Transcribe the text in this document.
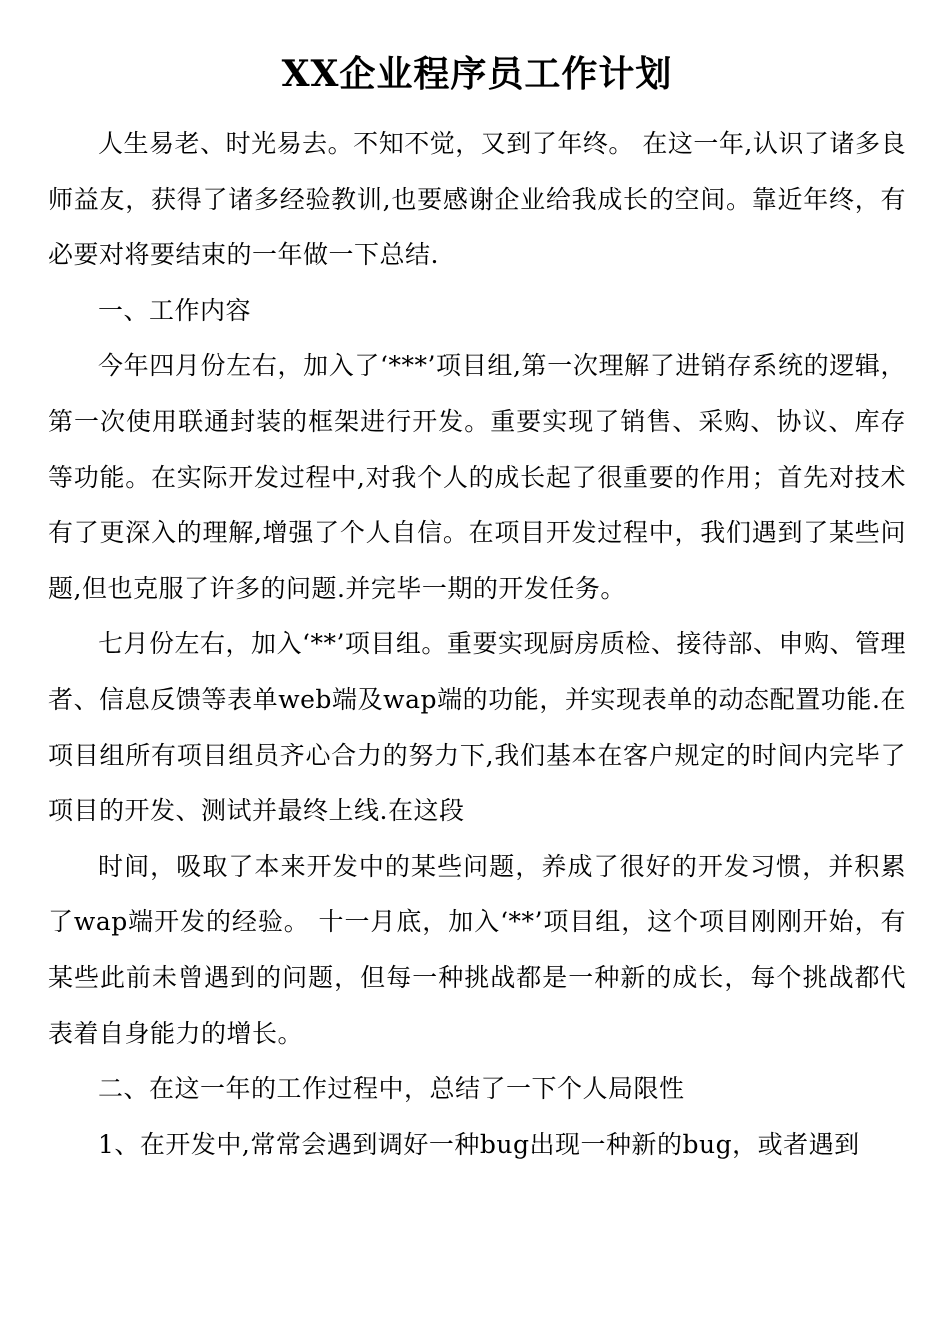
XX企业程序员工作计划

人生易老、时光易去。不知不觉，又到了年终。 在这一年,认识了诸多良师益友，获得了诸多经验教训,也要感谢企业给我成长的空间。靠近年终，有必要对将要结束的一年做一下总结.

一、工作内容

今年四月份左右，加入了‘***’项目组,第一次理解了进销存系统的逻辑，第一次使用联通封装的框架进行开发。重要实现了销售、采购、协议、库存等功能。在实际开发过程中,对我个人的成长起了很重要的作用；首先对技术有了更深入的理解,增强了个人自信。在项目开发过程中，我们遇到了某些问题,但也克服了许多的问题.并完毕一期的开发任务。

七月份左右，加入‘**’项目组。重要实现厨房质检、接待部、申购、管理者、信息反馈等表单web端及wap端的功能，并实现表单的动态配置功能.在项目组所有项目组员齐心合力的努力下,我们基本在客户规定的时间内完毕了项目的开发、测试并最终上线.在这段

时间，吸取了本来开发中的某些问题，养成了很好的开发习惯，并积累了wap端开发的经验。 十一月底，加入‘**’项目组，这个项目刚刚开始，有某些此前未曾遇到的问题，但每一种挑战都是一种新的成长，每个挑战都代表着自身能力的增长。

二、在这一年的工作过程中，总结了一下个人局限性

1、在开发中,常常会遇到调好一种bug出现一种新的bug，或者遇到
